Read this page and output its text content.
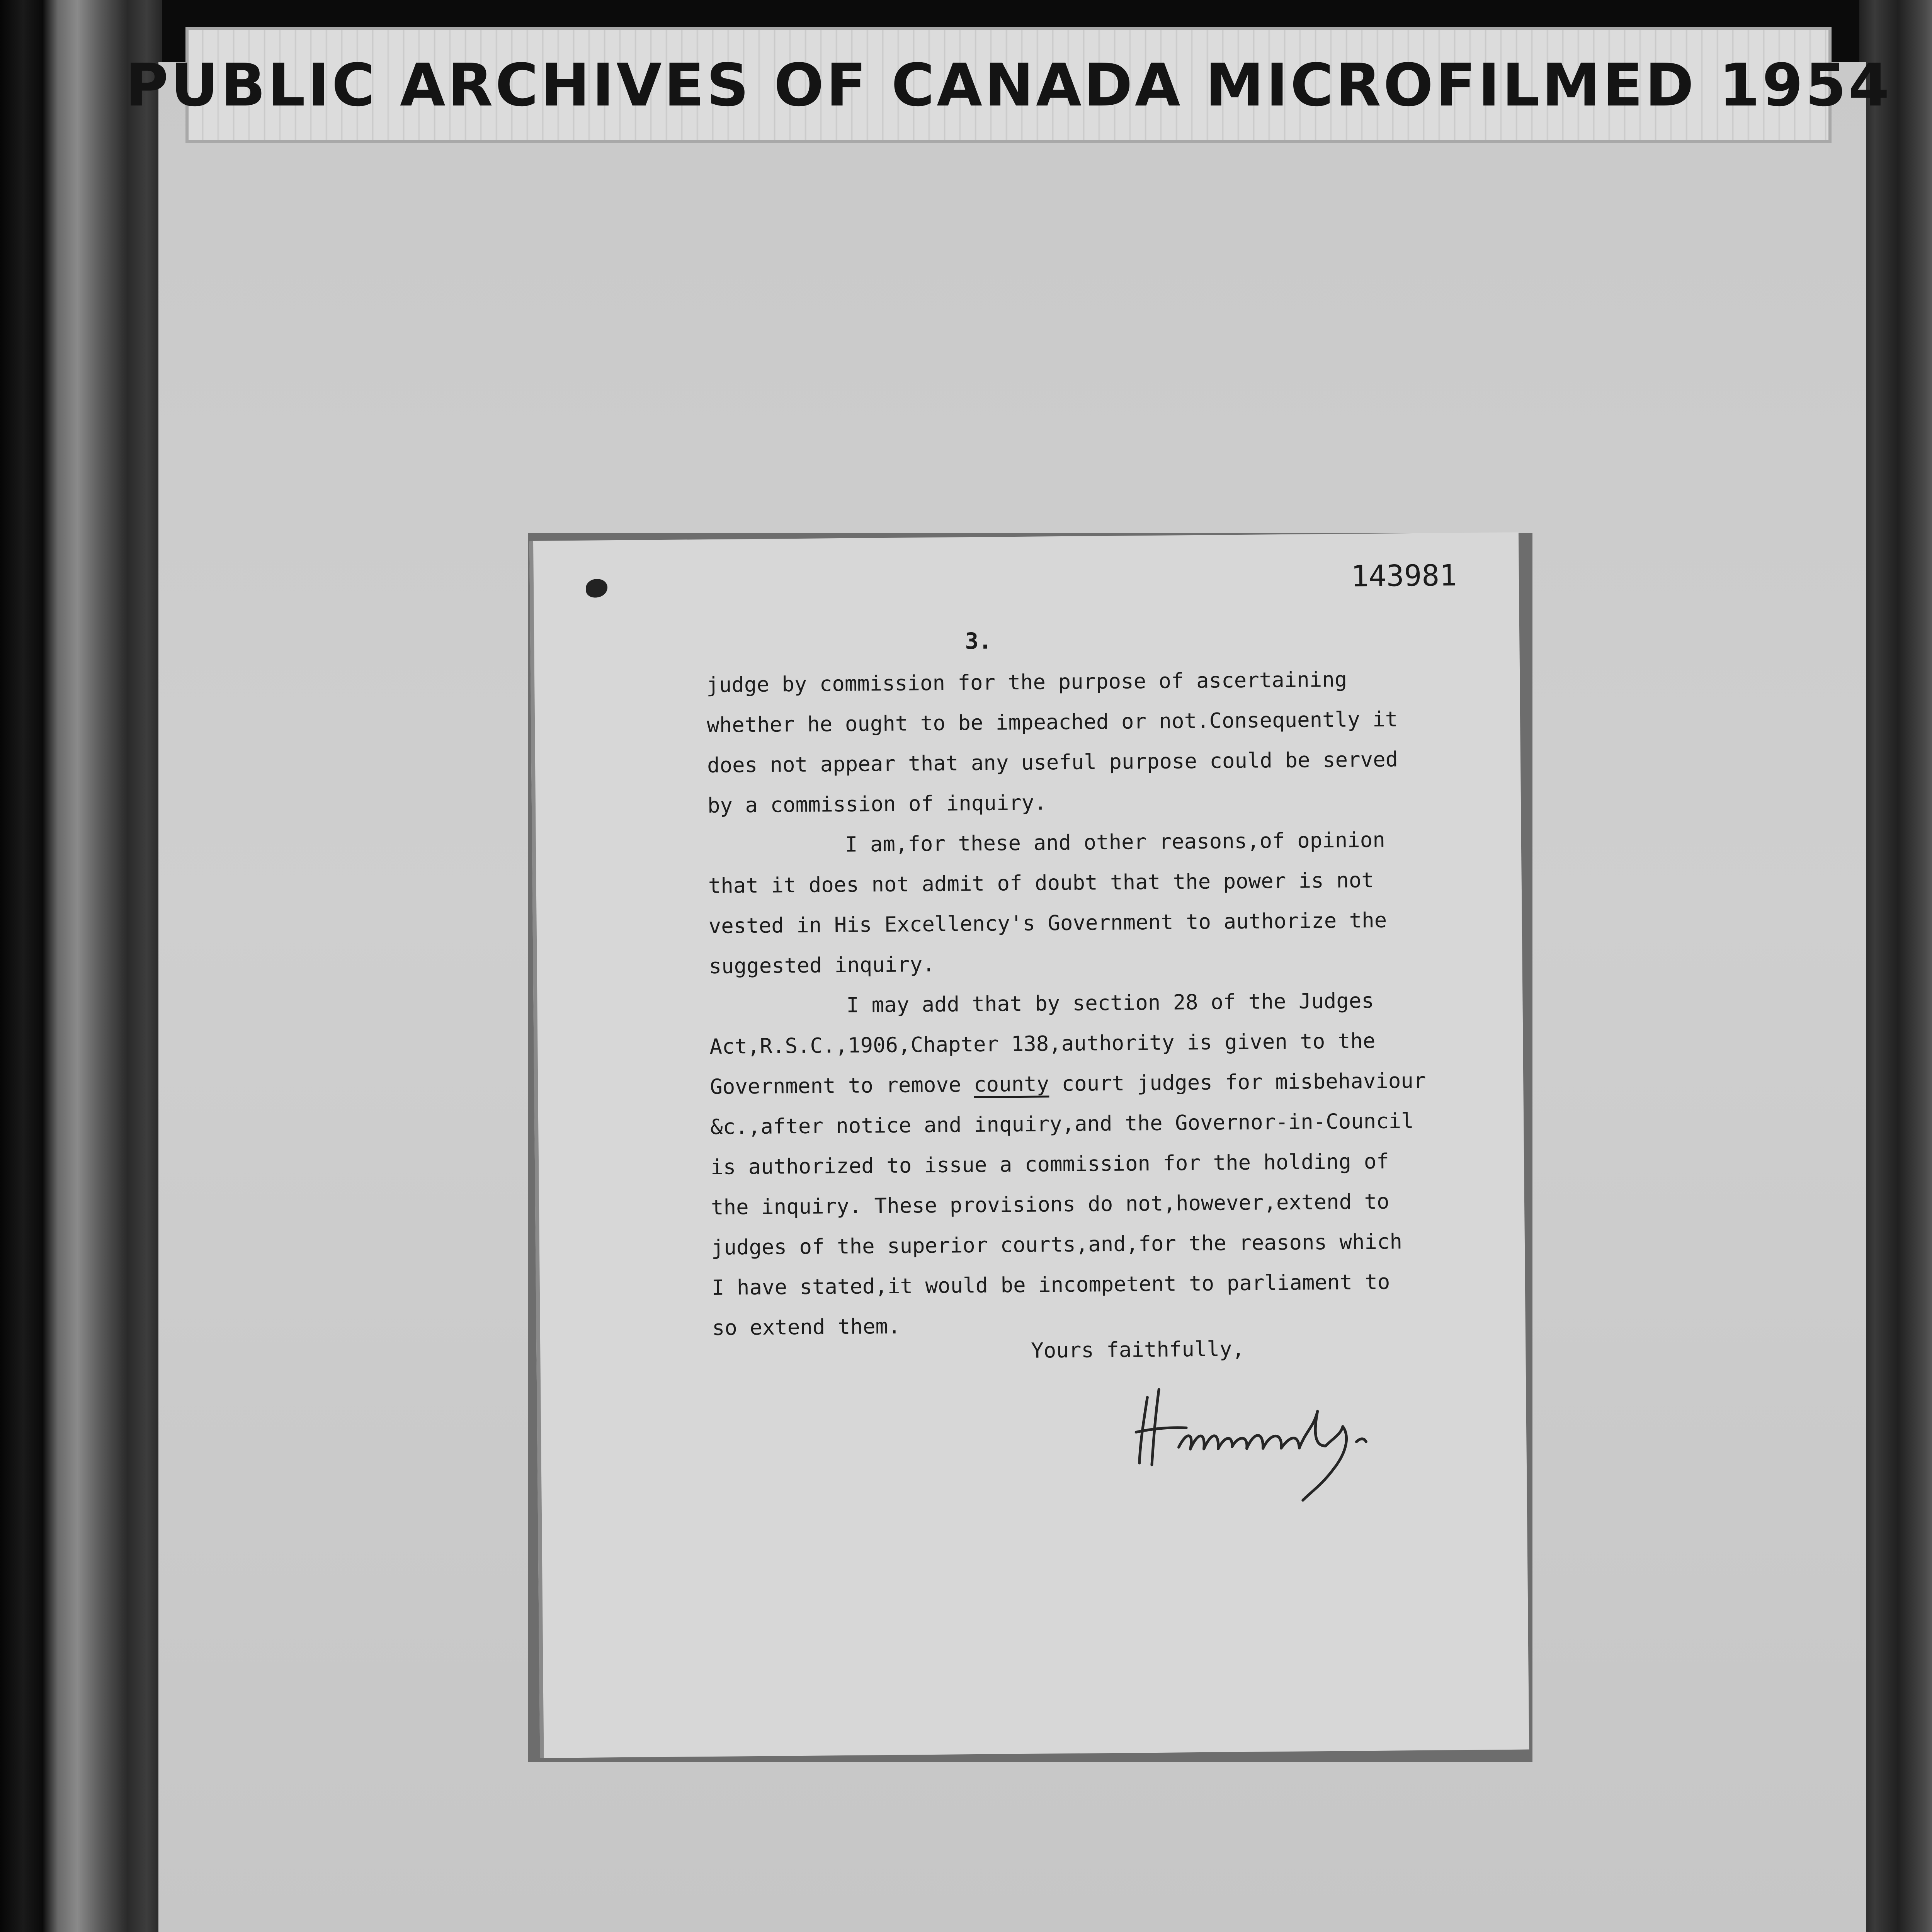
PUBLIC ARCHIVES OF CANADA MICROFILMED 1954
143981
3.
judge by commission for the purpose of ascertaining
whether he ought to be impeached or not.Consequently it
does not appear that any useful purpose could be served
by a commission of inquiry.
I am,for these and other reasons,of opinion
that it does not admit of doubt that the power is not
vested in His Excellency's Government to authorize the
suggested inquiry.
I may add that by section 28 of the Judges
Act,R.S.C.,1906,Chapter 138,authority is given to the
Government to remove county court judges for misbehaviour
&c.,after notice and inquiry,and the Governor-in-Council
is authorized to issue a commission for the holding of
the inquiry. These provisions do not,however,extend to
judges of the superior courts,and,for the reasons which
I have stated,it would be incompetent to parliament to
so extend them.
Yours faithfully,
